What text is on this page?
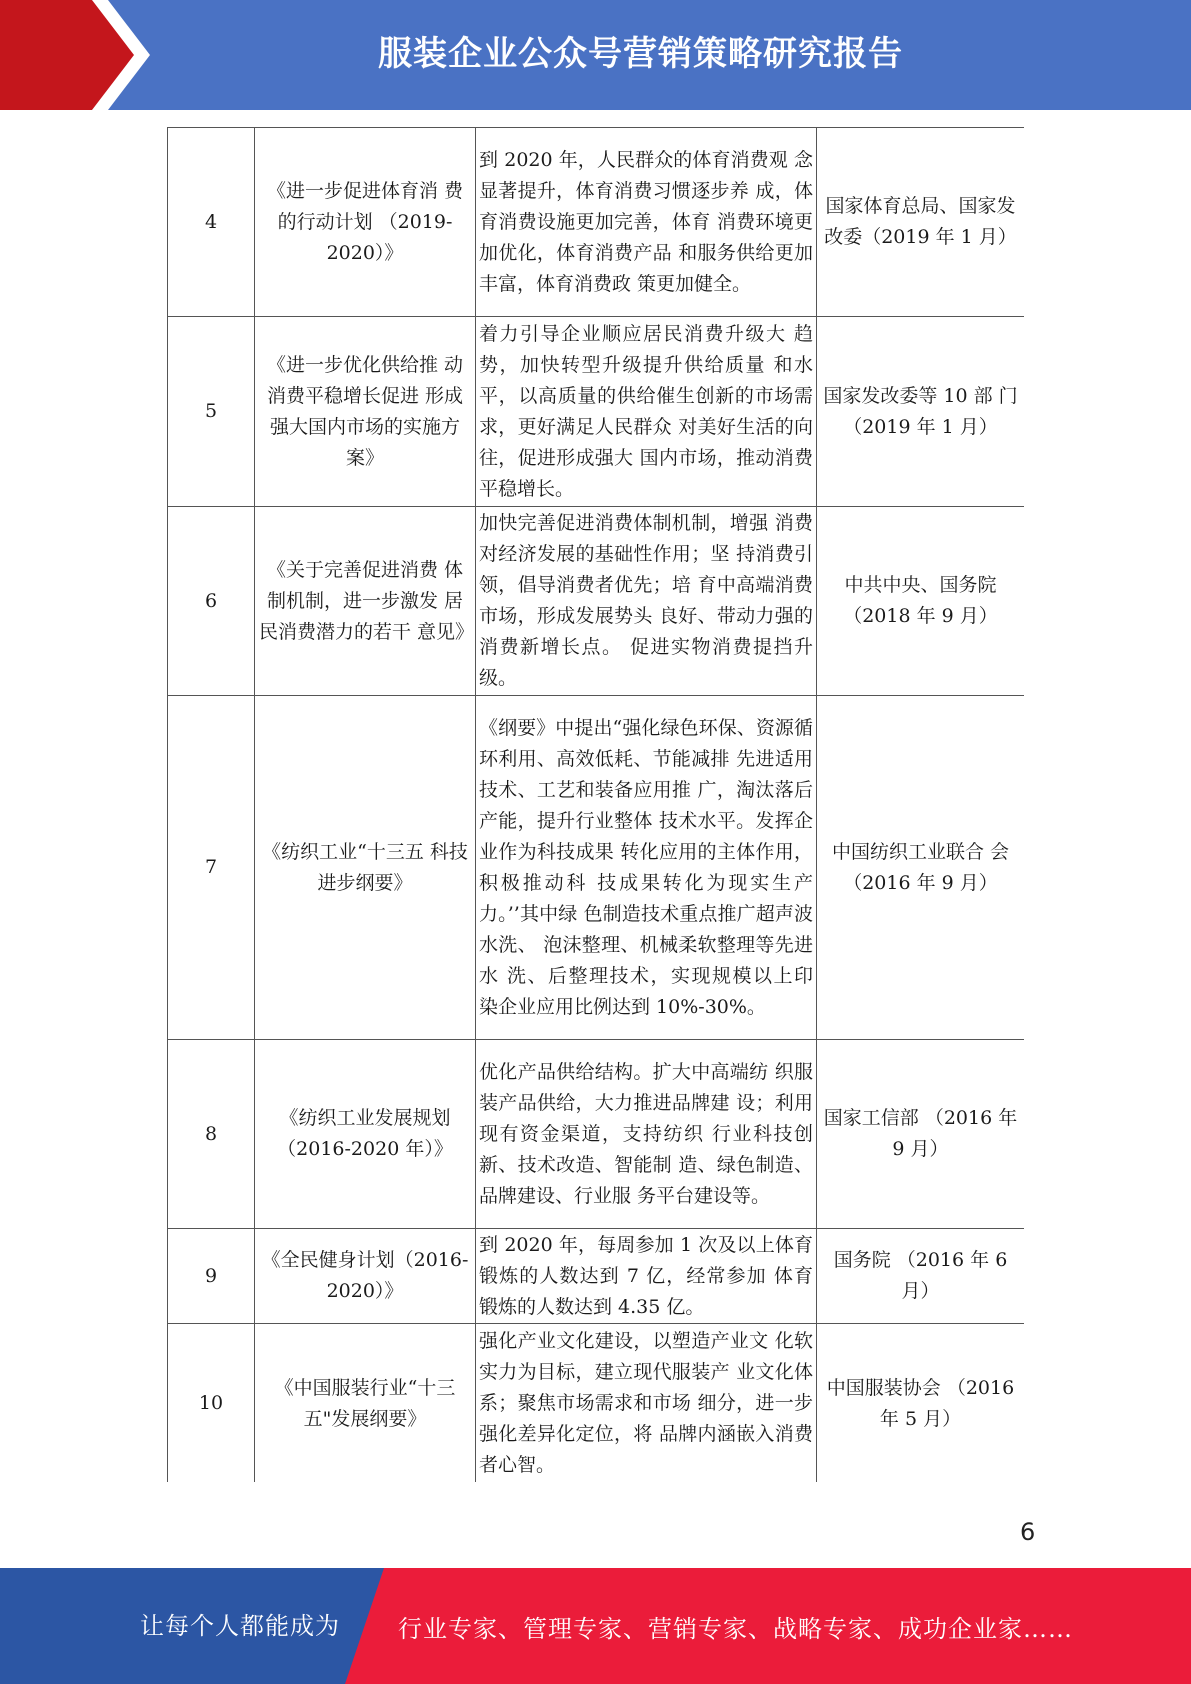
服装企业公众号营销策略研究报告
4	《进一步促进体育消 费的行动计划 （2019-2020）》	到 2020 年，人民群众的体育消费观 念显著提升，体育消费习惯逐步养 成，体育消费设施更加完善，体育 消费环境更加优化，体育消费产品 和服务供给更加丰富，体育消费政 策更加健全。	国家体育总局、国家发改委（2019 年 1 月）
5	《进一步优化供给推 动消费平稳增长促进 形成强大国内市场的实施方案》	着力引导企业顺应居民消费升级大 趋势，加快转型升级提升供给质量 和水平，以高质量的供给催生创新的市场需求，更好满足人民群众 对美好生活的向往，促进形成强大 国内市场，推动消费平稳增长。	国家发改委等 10 部 门（2019 年 1 月）
6	《关于完善促进消费 体制机制，进一步激发 居民消费潜力的若干 意见》	加快完善促进消费体制机制，增强 消费对经济发展的基础性作用；坚 持消费引领，倡导消费者优先；培 育中高端消费市场，形成发展势头 良好、带动力强的消费新增长点。 促进实物消费提挡升级。	中共中央、国务院（2018 年 9 月）
7	《纺织工业“十三五 科技进步纲要》	《纲要》中提出“强化绿色环保、资源循环利用、高效低耗、节能减排 先进适用技术、工艺和装备应用推 广，淘汰落后产能，提升行业整体 技术水平。发挥企业作为科技成果 转化应用的主体作用，积极推动科 技成果转化为现实生产力。’’其中绿 色制造技术重点推广超声波水洗、 泡沫整理、机械柔软整理等先进水 洗、后整理技术，实现规模以上印 染企业应用比例达到 10%-30%。	中国纺织工业联合 会（2016 年 9 月）
8	《纺织工业发展规划（2016-2020 年）》	优化产品供给结构。扩大中高端纺 织服装产品供给，大力推进品牌建 设；利用现有资金渠道，支持纺织 行业科技创新、技术改造、智能制 造、绿色制造、品牌建设、行业服 务平台建设等。	国家工信部 （2016 年 9 月）
9	《全民健身计划（2016-2020）》	到 2020 年，每周参加 1 次及以上体育锻炼的人数达到 7 亿，经常参加 体育锻炼的人数达到 4.35 亿。	国务院 （2016 年 6 月）
10	《中国服装行业“十三 五"发展纲要》	强化产业文化建设，以塑造产业文 化软实力为目标，建立现代服装产 业文化体系；聚焦市场需求和市场 细分，进一步强化差异化定位，将 品牌内涵嵌入消费者心智。	中国服装协会 （2016 年 5 月）
6
让每个人都能成为 行业专家、管理专家、营销专家、战略专家、成功企业家……
